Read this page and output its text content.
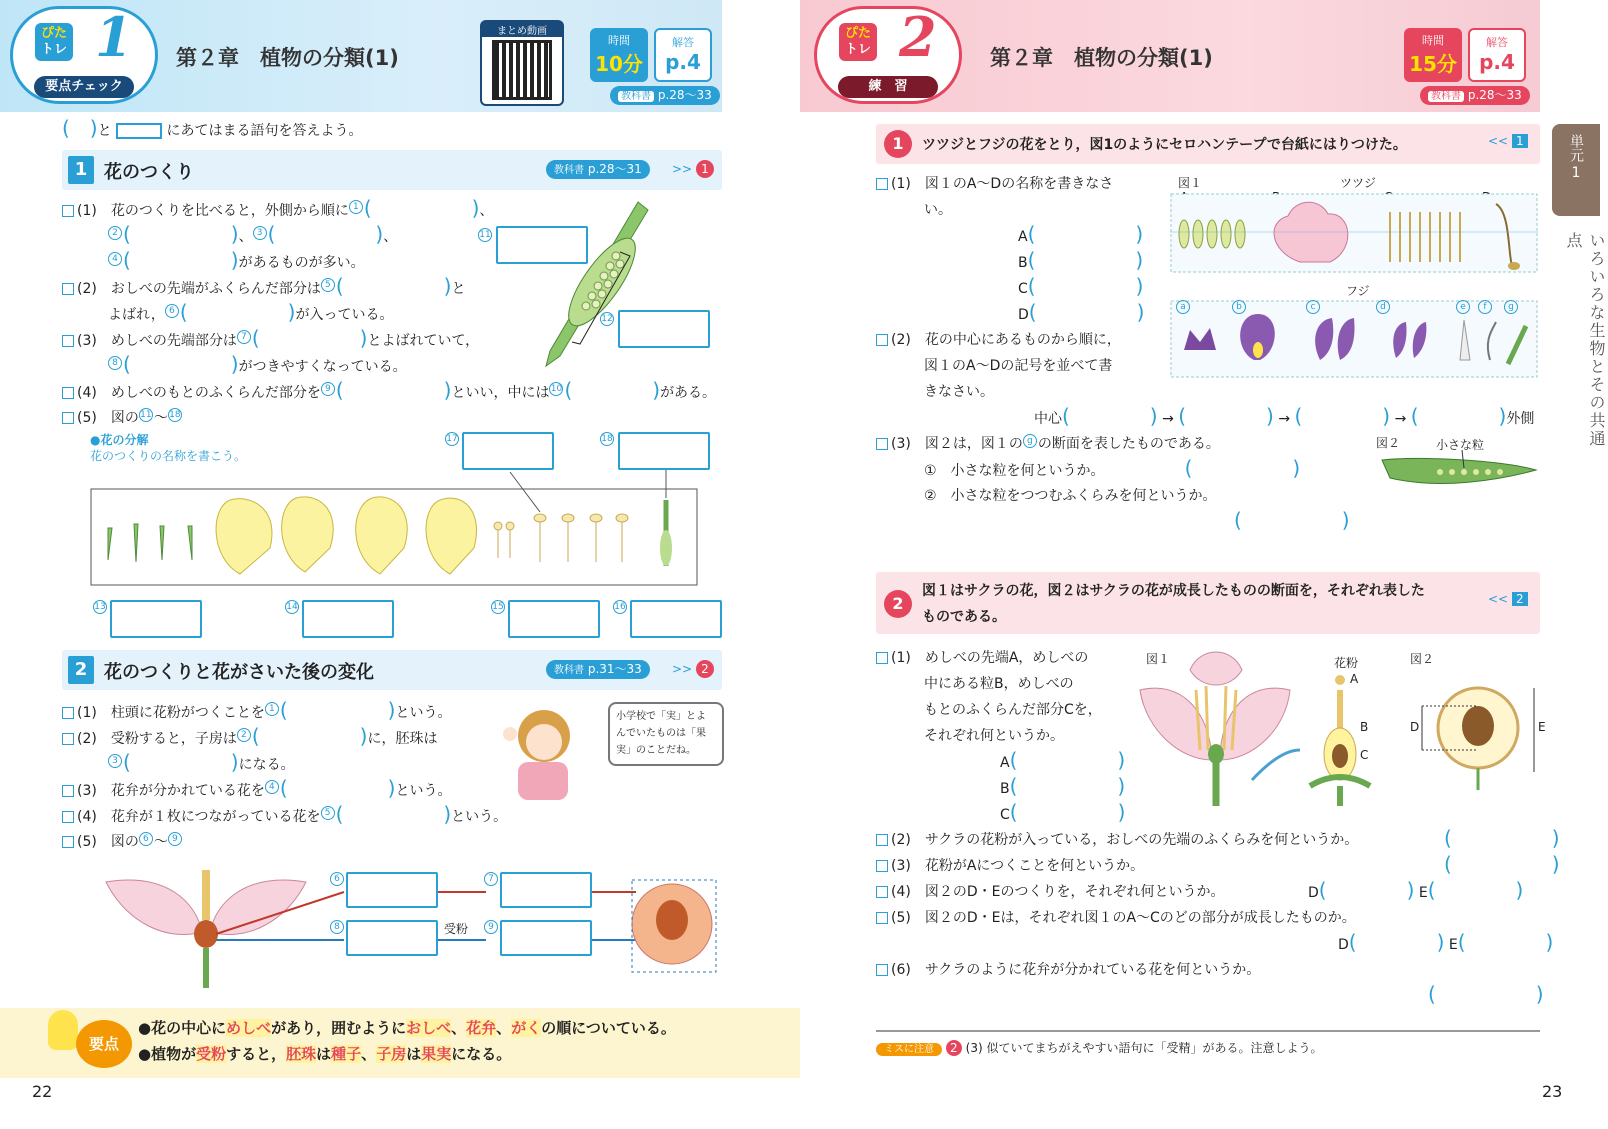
ぴた
トレ 1
要点チェック
第２章　植物の分類(1)
まとめ動画
時間
10分
解答
p.4
教科書 p.28～33
(　)と	にあてはまる語句を答えよう。
1 花のつくり	教科書 p.28～31	>> 1
(1)　花のつくりを比べると，外側から順に 1 (　　　　　)、
2 (　　　　　)、 3 (　　　　　)、
4 (　　　　　)があるものが多い。
(2)　おしべの先端がふくらんだ部分は 5 (　　　　　)と
よばれ， 6 (　　　　　)が入っている。
(3)　めしべの先端部分は 7 (　　　　　)とよばれていて，
8 (　　　　　)がつきやすくなっている。
(4)　めしべのもとのふくらんだ部分を 9 (　　　　　)といい，中には10 (　　　　)がある。
(5)　図の11 ～18
11
12
●花の分解
花のつくりの名称を書こう。
17	18
13	14	15	16
2 花のつくりと花がさいた後の変化	教科書 p.31～33	>> 2
(1)　柱頭に花粉がつくことを 1 (　　　　　)という。
(2)　受粉すると，子房は 2 (　　　　　)に，胚珠は
3 (　　　　　)になる。
(3)　花弁が分かれている花を 4 (　　　　　)という。
(4)　花弁が１枚につながっている花を 5 (　　　　　)という。
(5)　図の 6 ～ 9
小学校で「実」とよ
んでいたものは「果
実」のことだね。
6
8
7
9
受粉
要点
●花の中心にめしべがあり，囲むようにおしべ、花弁、がくの順についている。
●植物が受粉すると，胚珠は種子、子房は果実になる。
22
ぴた
トレ 2
練　習
第２章　植物の分類(1)
時間
15分
解答
p.4
教科書 p.28～33
1	ツツジとフジの花をとり，図1のようにセロハンテープで台紙にはりつけた。	<< 1
(1)　図１のA～Dの名称を書きなさ
い。
A(　　　　　)
B(　　　　　)
C(　　　　　)
D(　　　　　)
図１	ツツジ
フジ
a	b	c	d	e	f	g
(2)　花の中心にあるものから順に，
図１のA～Dの記号を並べて書
きなさい。
中心(　　　　) → (　　　　) → (　　　　) → (　　　　)外側
(3)　図２は，図１の g の断面を表したものである。
①　小さな粒を何というか。	(　　　　　)
②　小さな粒をつつむふくらみを何というか。
(　　　　　)
図２	小さな粒
2
図１はサクラの花，図２はサクラの花が成長したものの断面を，それぞれ表した
ものである。
<< 2
(1)　めしべの先端A，めしべの
中にある粒B，めしべの
もとのふくらんだ部分Cを，
それぞれ何というか。
A(　　　　　)
B(　　　　　)
C(　　　　　)
図１	花粉	図２
A
B
C
D	E
(2)　サクラの花粉が入っている，おしべの先端のふくらみを何というか。	(　　　　　)
(3)　花粉がAにつくことを何というか。	(　　　　　)
(4)　図２のD・Eのつくりを，それぞれ何というか。	D(　　　　) E(　　　　)
(5)　図２のD・Eは，それぞれ図１のA～Cのどの部分が成長したものか。
D(　　　　) E(　　　　)
(6)　サクラのように花弁が分かれている花を何というか。
(　　　　　)
ミスに注意 2 (3) 似ていてまちがえやすい語句に「受精」がある。注意しよう。
単元
1
いろいろな生物とその共通点
23
